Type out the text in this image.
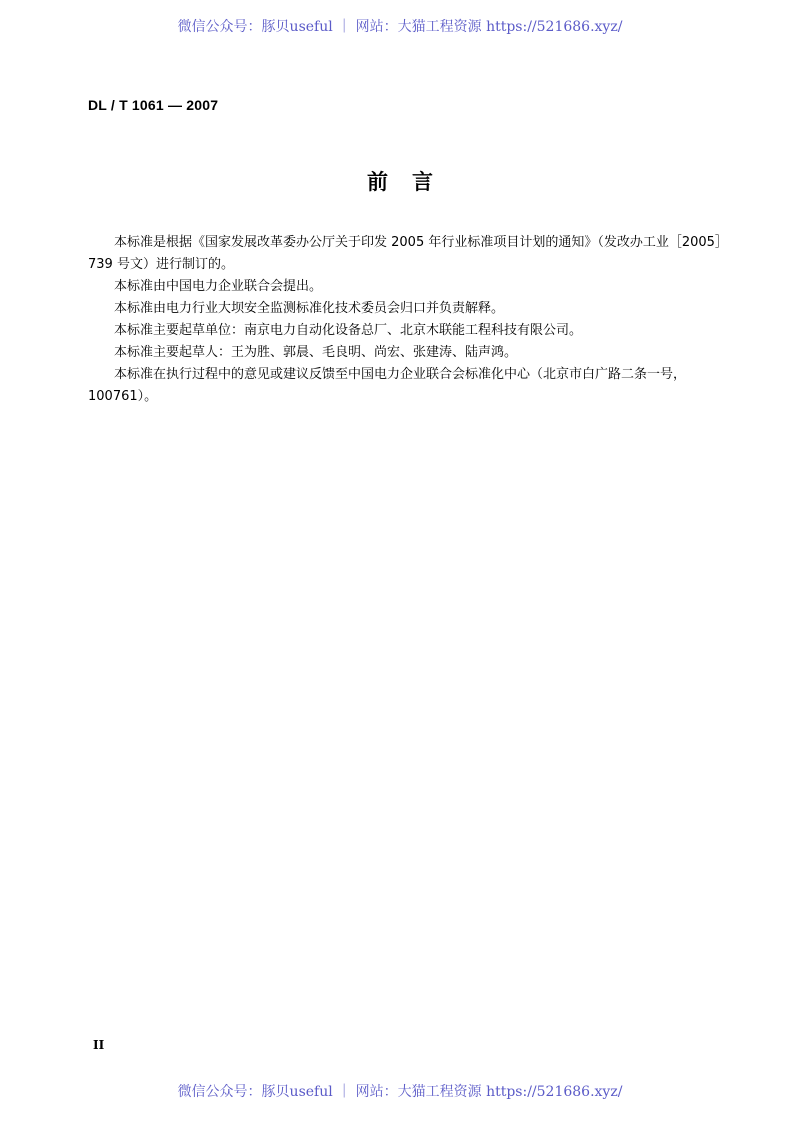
微信公众号：豚贝useful ｜ 网站：大猫工程资源 https://521686.xyz/
DL / T 1061 — 2007
前言

本标准是根据《国家发展改革委办公厅关于印发 2005 年行业标准项目计划的通知》（发改办工业［2005］739 号文）进行制订的。

本标准由中国电力企业联合会提出。

本标准由电力行业大坝安全监测标准化技术委员会归口并负责解释。

本标准主要起草单位：南京电力自动化设备总厂、北京木联能工程科技有限公司。

本标准主要起草人：王为胜、郭晨、毛良明、尚宏、张建涛、陆声鸿。

本标准在执行过程中的意见或建议反馈至中国电力企业联合会标准化中心（北京市白广路二条一号，100761）。

II
微信公众号：豚贝useful ｜ 网站：大猫工程资源 https://521686.xyz/
